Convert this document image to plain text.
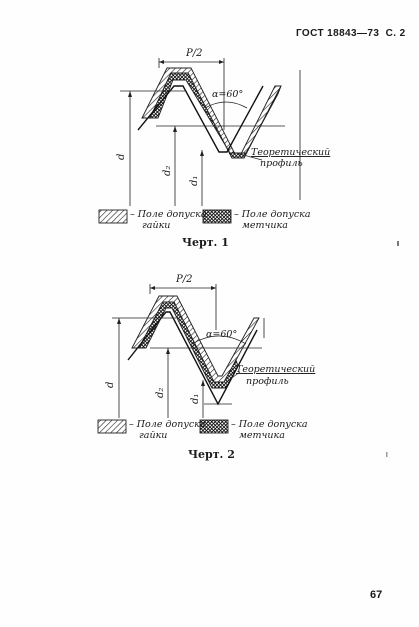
ГОСТ 18843—73 С. 2
P/2
α=60°
d
d₂
d₁
Теоретический
профиль
P/2
α=60°
d
d₂
d₁
Теоретический
профиль
– Поле допуска
гайки
– Поле допуска
метчика
Черт. 1
– Поле допуска
гайки
– Поле допуска
метчика
Черт. 2
67
